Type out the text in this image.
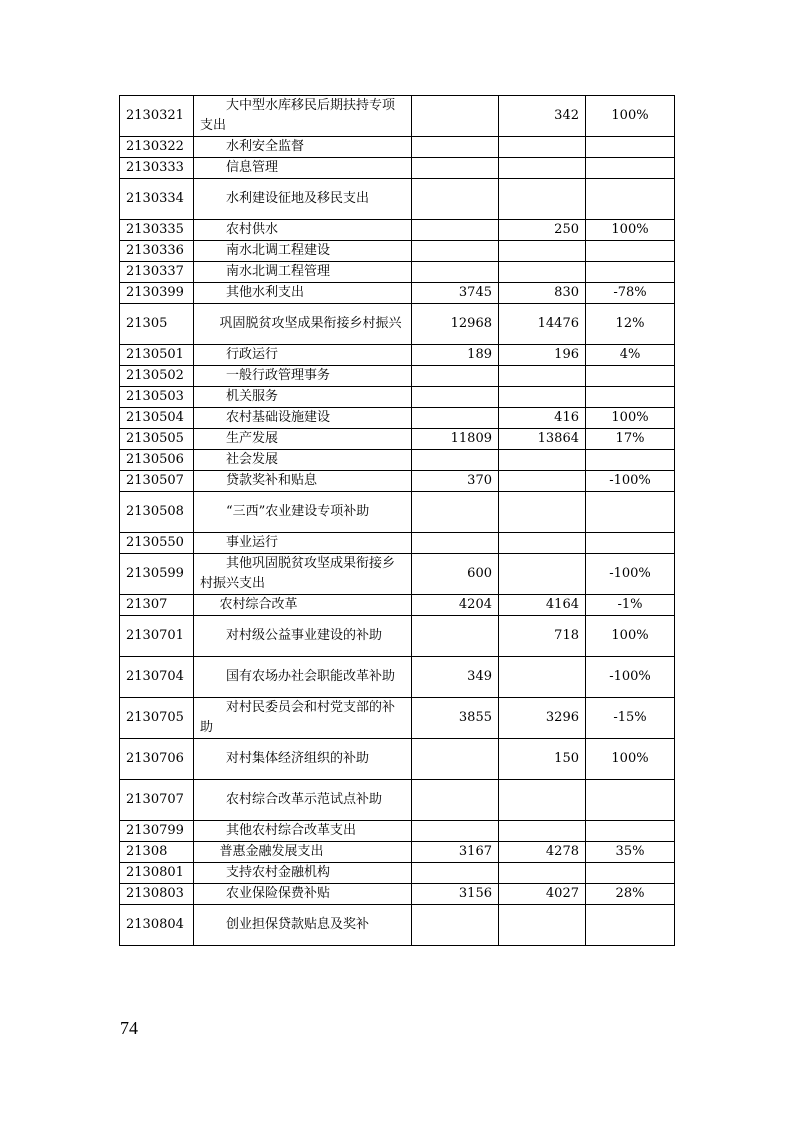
2130321	大中型水库移民后期扶持专项支出		342	100%
2130322	水利安全监督			
2130333	信息管理			
2130334	水利建设征地及移民支出			
2130335	农村供水		250	100%
2130336	南水北调工程建设			
2130337	南水北调工程管理			
2130399	其他水利支出	3745	830	-78%
21305	巩固脱贫攻坚成果衔接乡村振兴	12968	14476	12%
2130501	行政运行	189	196	4%
2130502	一般行政管理事务			
2130503	机关服务			
2130504	农村基础设施建设		416	100%
2130505	生产发展	11809	13864	17%
2130506	社会发展			
2130507	贷款奖补和贴息	370		-100%
2130508	“三西”农业建设专项补助			
2130550	事业运行			
2130599	其他巩固脱贫攻坚成果衔接乡村振兴支出	600		-100%
21307	农村综合改革	4204	4164	-1%
2130701	对村级公益事业建设的补助		718	100%
2130704	国有农场办社会职能改革补助	349		-100%
2130705	对村民委员会和村党支部的补助	3855	3296	-15%
2130706	对村集体经济组织的补助		150	100%
2130707	农村综合改革示范试点补助			
2130799	其他农村综合改革支出			
21308	普惠金融发展支出	3167	4278	35%
2130801	支持农村金融机构			
2130803	农业保险保费补贴	3156	4027	28%
2130804	创业担保贷款贴息及奖补			
74
